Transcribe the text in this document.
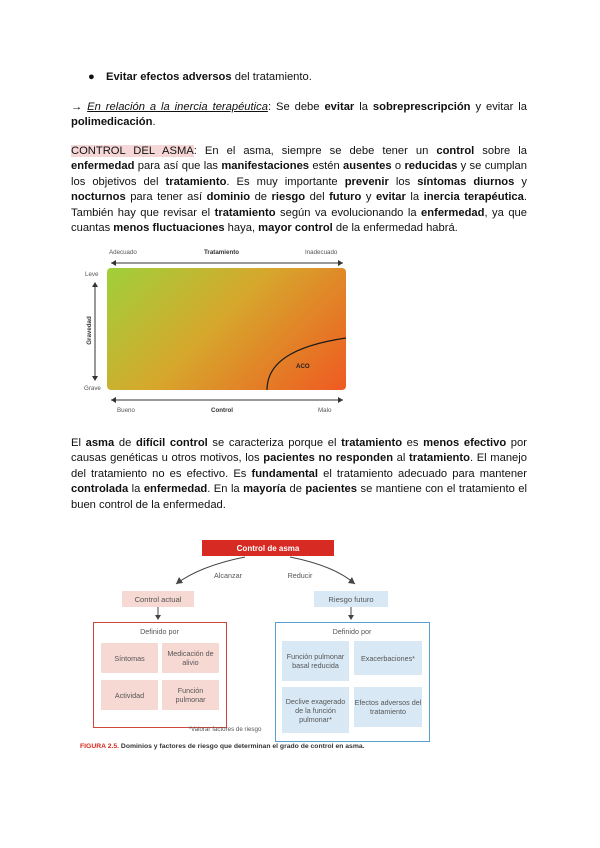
● Evitar efectos adversos del tratamiento.
→ En relación a la inercia terapéutica: Se debe evitar la sobreprescripción y evitar la polimedicación.
CONTROL DEL ASMA: En el asma, siempre se debe tener un control sobre la enfermedad para así que las manifestaciones estén ausentes o reducidas y se cumplan los objetivos del tratamiento. Es muy importante prevenir los síntomas diurnos y nocturnos para tener así dominio de riesgo del futuro y evitar la inercia terapéutica. También hay que revisar el tratamiento según va evolucionando la enfermedad, ya que cuantas menos fluctuaciones haya, mayor control de la enfermedad habrá.
Adecuado	Tratamiento	Inadecuado
Leve
Gravedad
Grave
ACO
Bueno	Control	Malo
El asma de difícil control se caracteriza porque el tratamiento es menos efectivo por causas genéticas u otros motivos, los pacientes no responden al tratamiento. El manejo del tratamiento no es efectivo. Es fundamental el tratamiento adecuado para mantener controlada la enfermedad. En la mayoría de pacientes se mantiene con el tratamiento el buen control de la enfermedad.
Control de asma
Alcanzar	Reducir
Control actual	Riesgo futuro
Definido por
Síntomas	Medicación de alivio
Actividad	Función pulmonar
Definido por
Función pulmonar basal reducida
Exacerbaciones*
Declive exagerado de la función pulmonar*
Efectos adversos del tratamiento
*Valorar factores de riesgo
FIGURA 2.5. Dominios y factores de riesgo que determinan el grado de control en asma.
